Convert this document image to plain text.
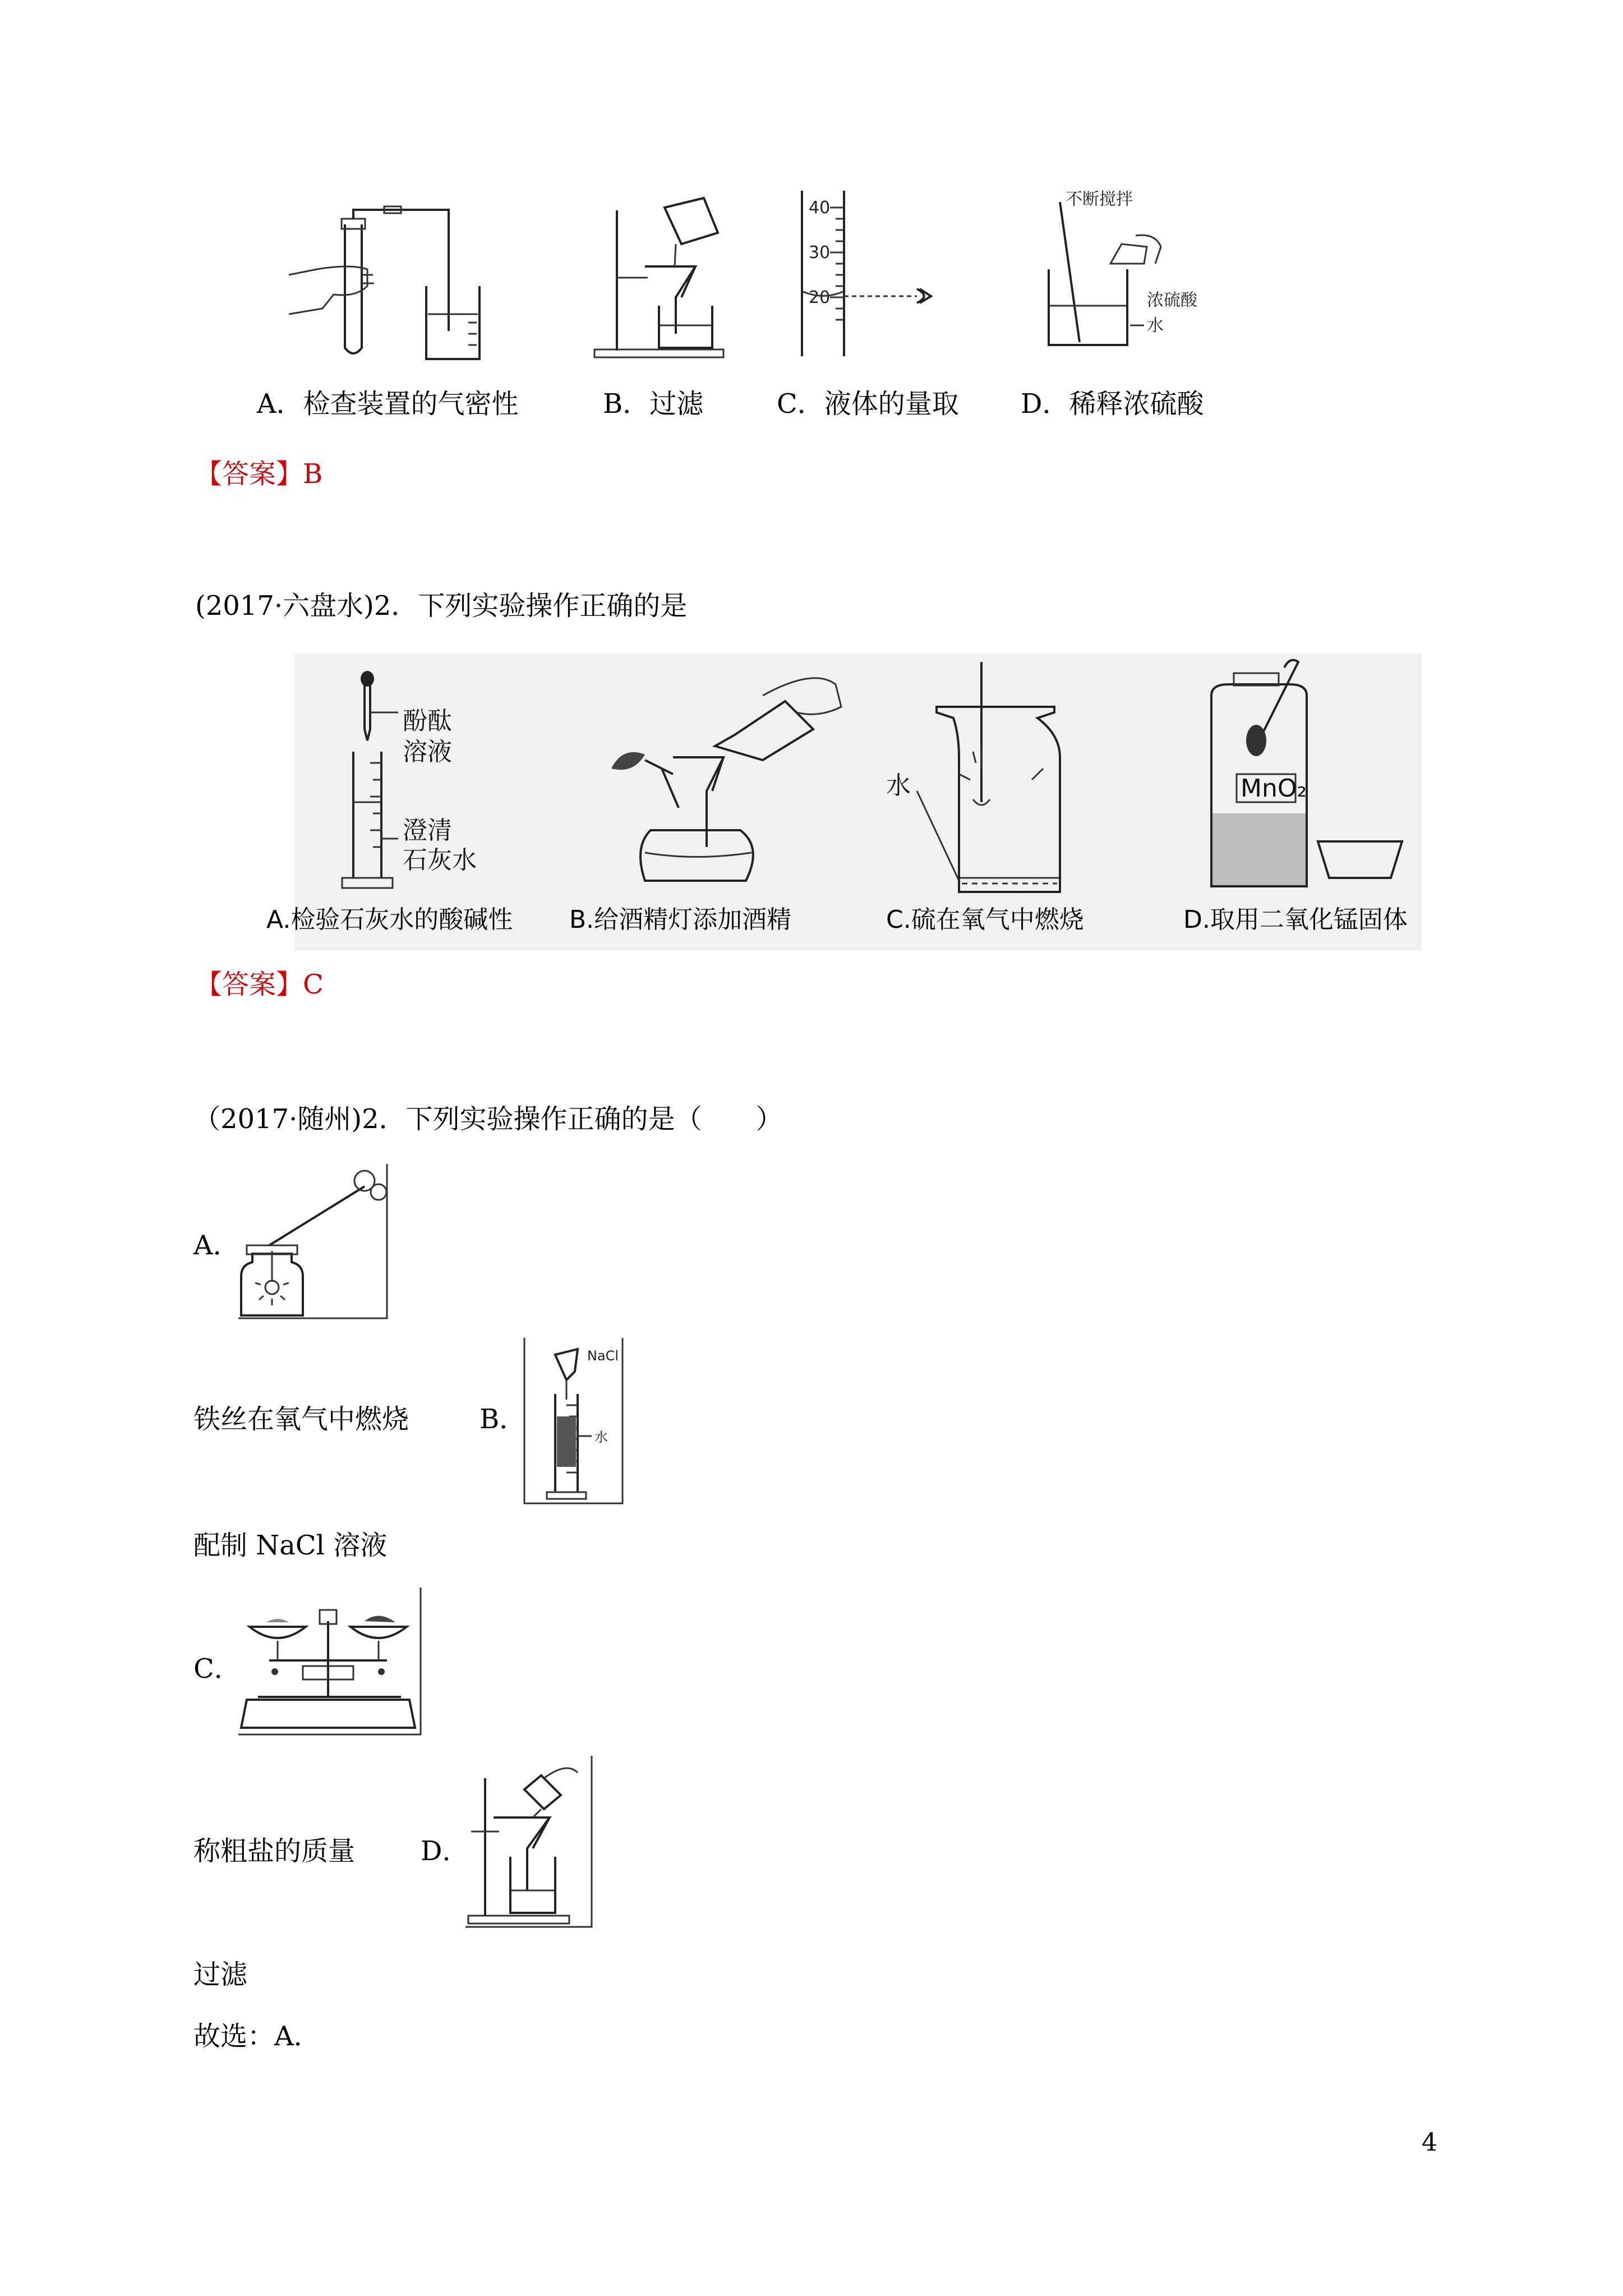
40
30
20
不断搅拌
浓硫酸
水
A．检查装置的气密性	B．过滤	C．液体的量取 D．稀释浓硫酸
【答案】B
(2017·六盘水)2．下列实验操作正确的是
酚酞
溶液
澄清
石灰水
水	MnO₂
A.检验石灰水的酸碱性 B.给酒精灯添加酒精	C.硫在氧气中燃烧	D.取用二氧化锰固体
【答案】C
（2017·随州)2．下列实验操作正确的是（　　）
A．
铁丝在氧气中燃烧	B．
NaCl
水
配制 NaCl 溶液
C．
称粗盐的质量 D．
过滤
故选：A．
4
